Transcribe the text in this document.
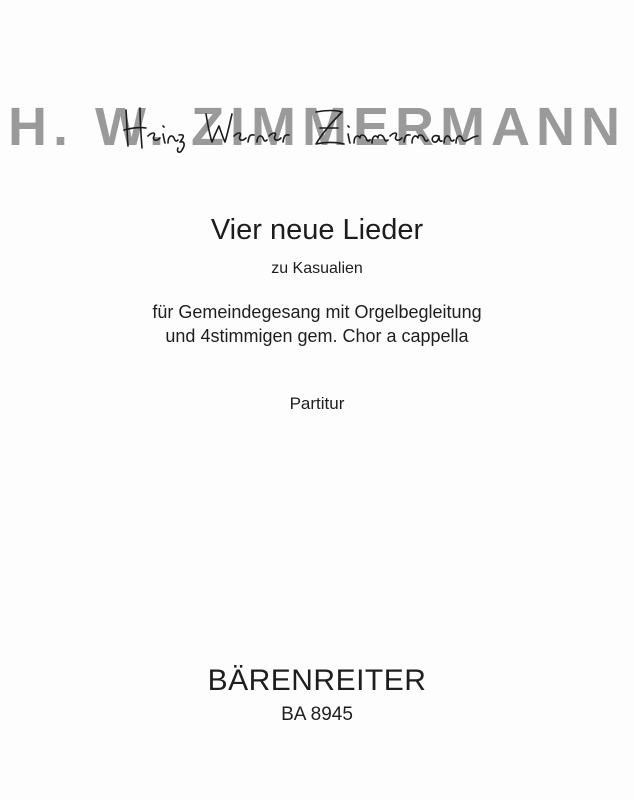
H. W. ZIMMERMANN
Vier neue Lieder
zu Kasualien
für Gemeindegesang mit Orgelbegleitung
und 4stimmigen gem. Chor a cappella
Partitur
BÄRENREITER
BA 8945
